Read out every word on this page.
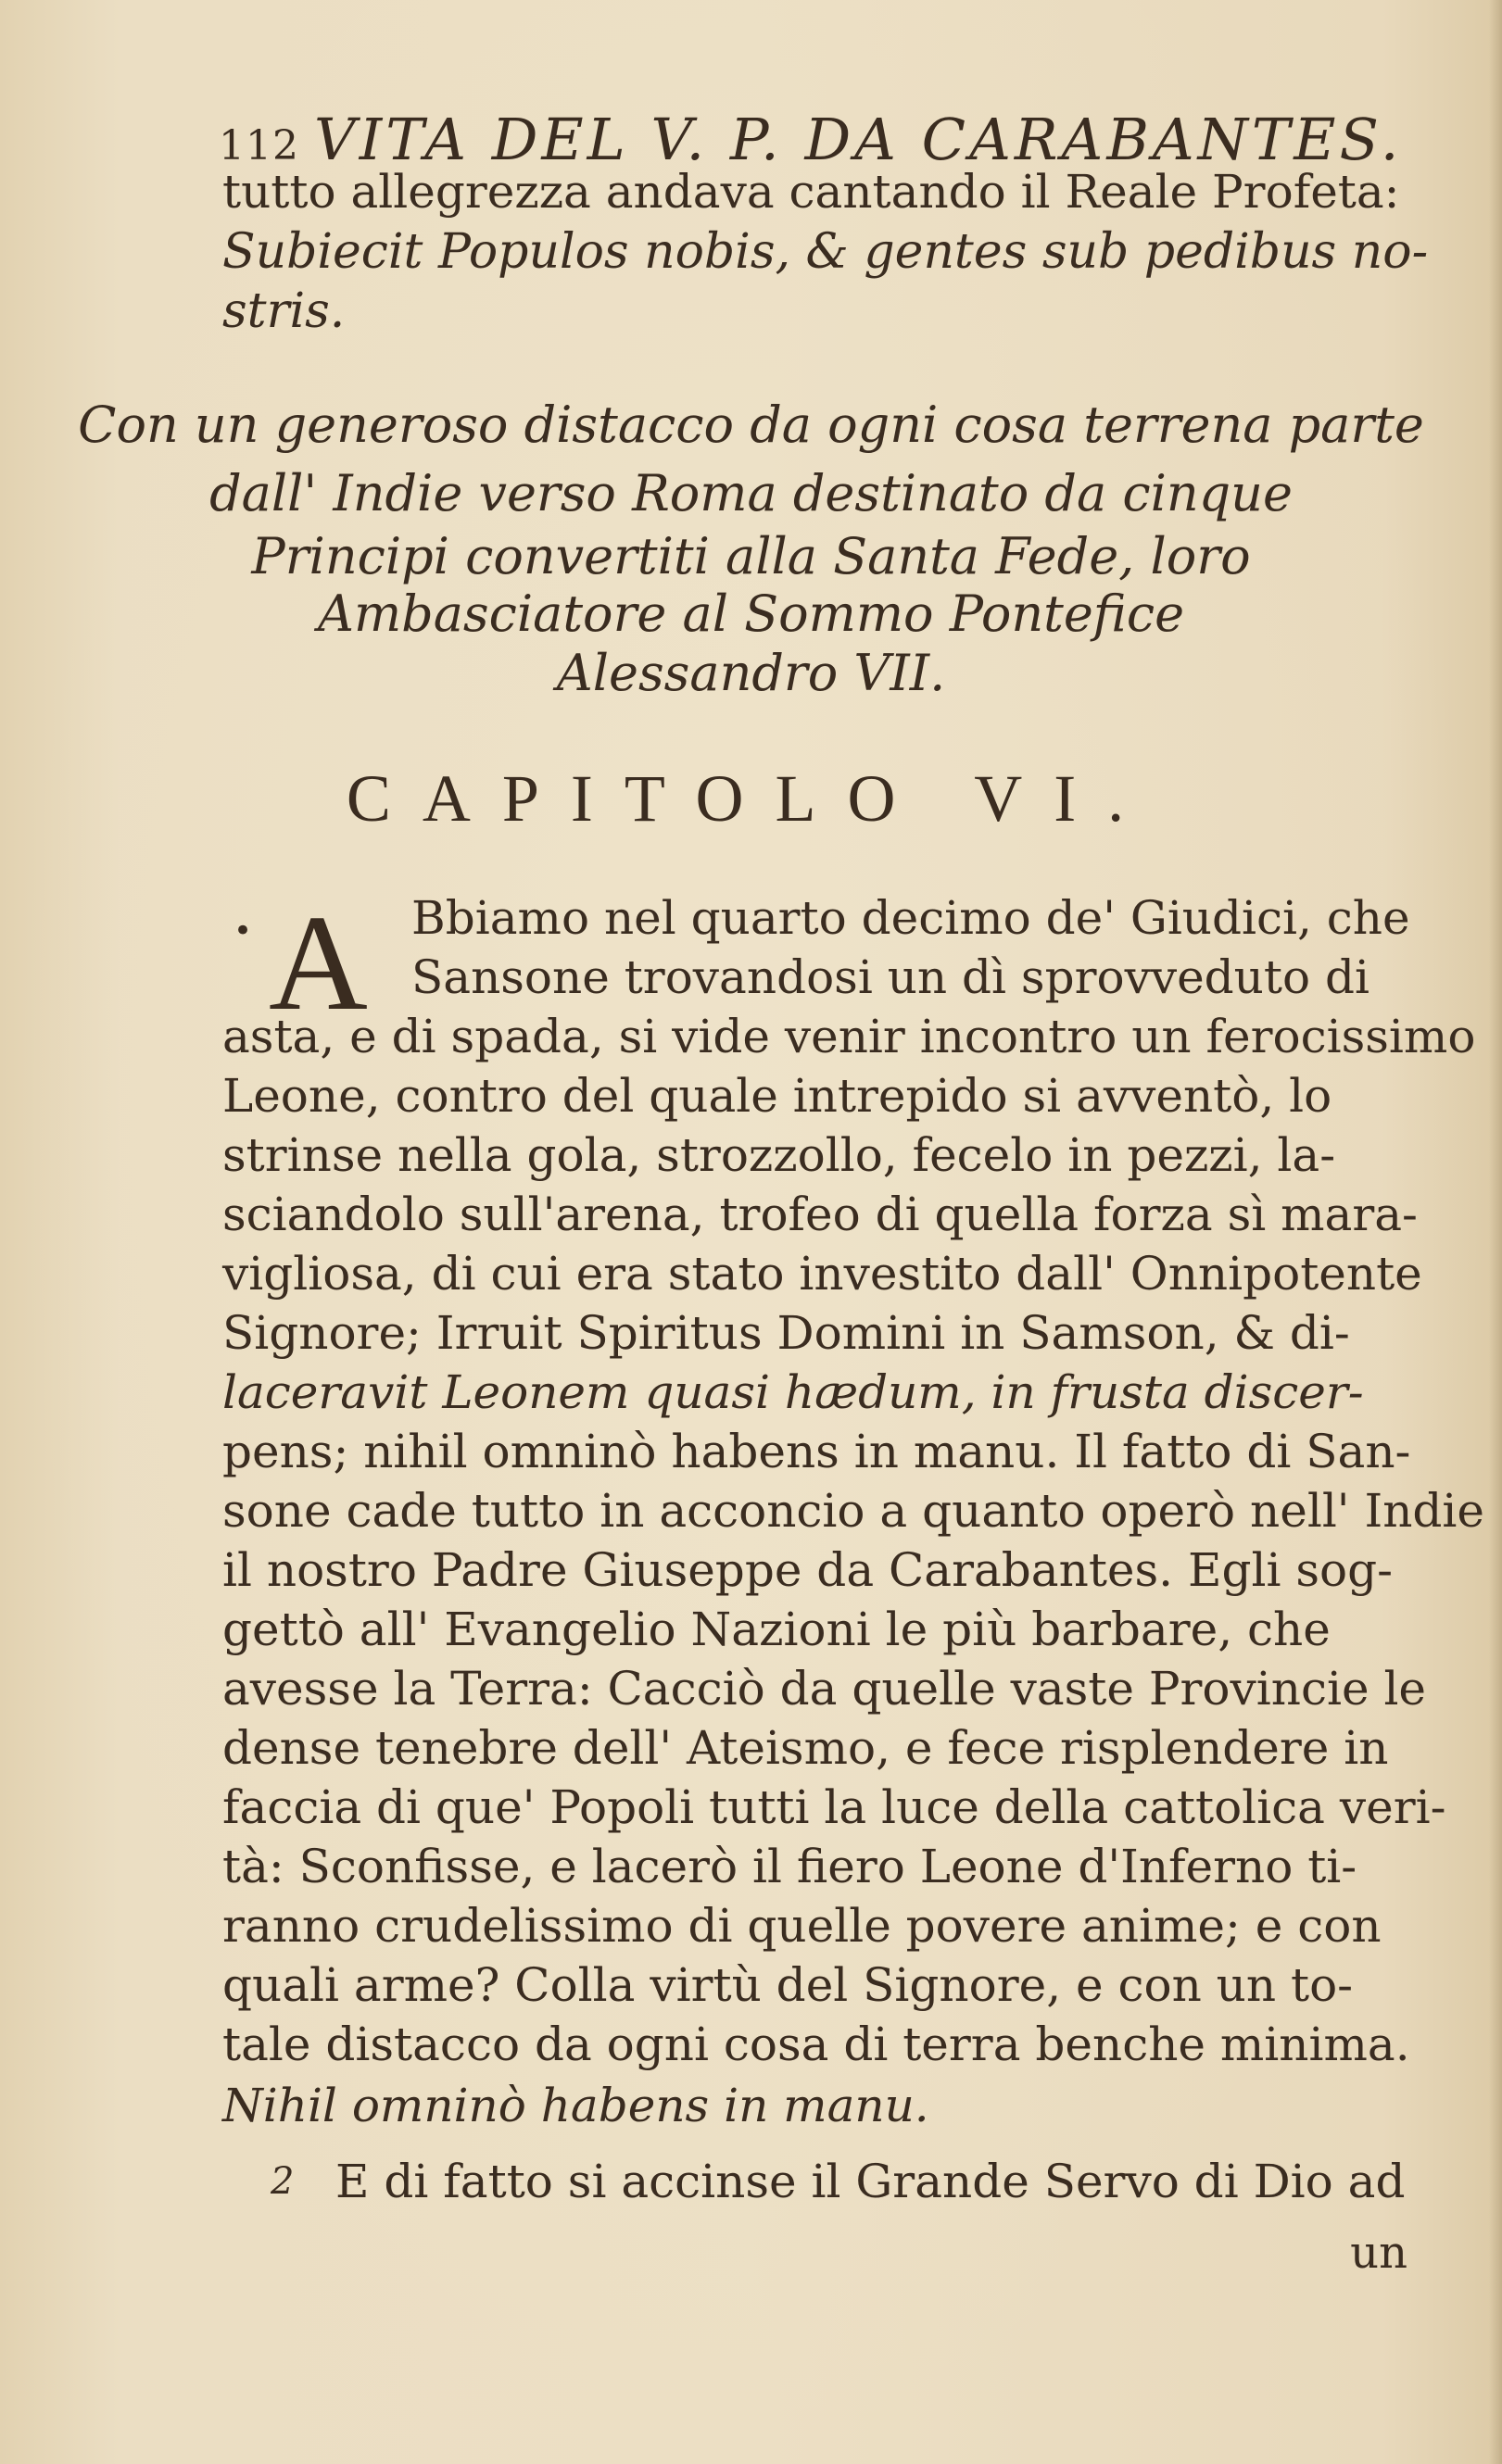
112 VITA DEL V. P. DA CARABANTES.
tutto allegrezza andava cantando il Reale Profeta:
Subiecit Populos nobis, & gentes sub pedibus no-
stris.
Con un generoso distacco da ogni cosa terrena parte
dall' Indie verso Roma destinato da cinque
Principi convertiti alla Santa Fede, loro
Ambasciatore al Sommo Pontefice
Alessandro VII.
CAPITOLO VI.
• A Bbiamo nel quarto decimo de' Giudici, che
Sansone trovandosi un dì sprovveduto di
asta, e di spada, si vide venir incontro un ferocissimo
Leone, contro del quale intrepido si avventò, lo
strinse nella gola, strozzollo, fecelo in pezzi, la-
sciandolo sull'arena, trofeo di quella forza sì mara-
vigliosa, di cui era stato investito dall' Onnipotente
Signore; Irruit Spiritus Domini in Samson, & di-
laceravit Leonem quasi hædum, in frusta discer-
pens; nihil omninò habens in manu. Il fatto di San-
sone cade tutto in acconcio a quanto operò nell' Indie
il nostro Padre Giuseppe da Carabantes. Egli sog-
gettò all' Evangelio Nazioni le più barbare, che
avesse la Terra: Cacciò da quelle vaste Provincie le
dense tenebre dell' Ateismo, e fece risplendere in
faccia di que' Popoli tutti la luce della cattolica veri-
tà: Sconfisse, e lacerò il fiero Leone d'Inferno ti-
ranno crudelissimo di quelle povere anime; e con
quali arme? Colla virtù del Signore, e con un to-
tale distacco da ogni cosa di terra benche minima.
Nihil omninò habens in manu.
2 E di fatto si accinse il Grande Servo di Dio ad
un
